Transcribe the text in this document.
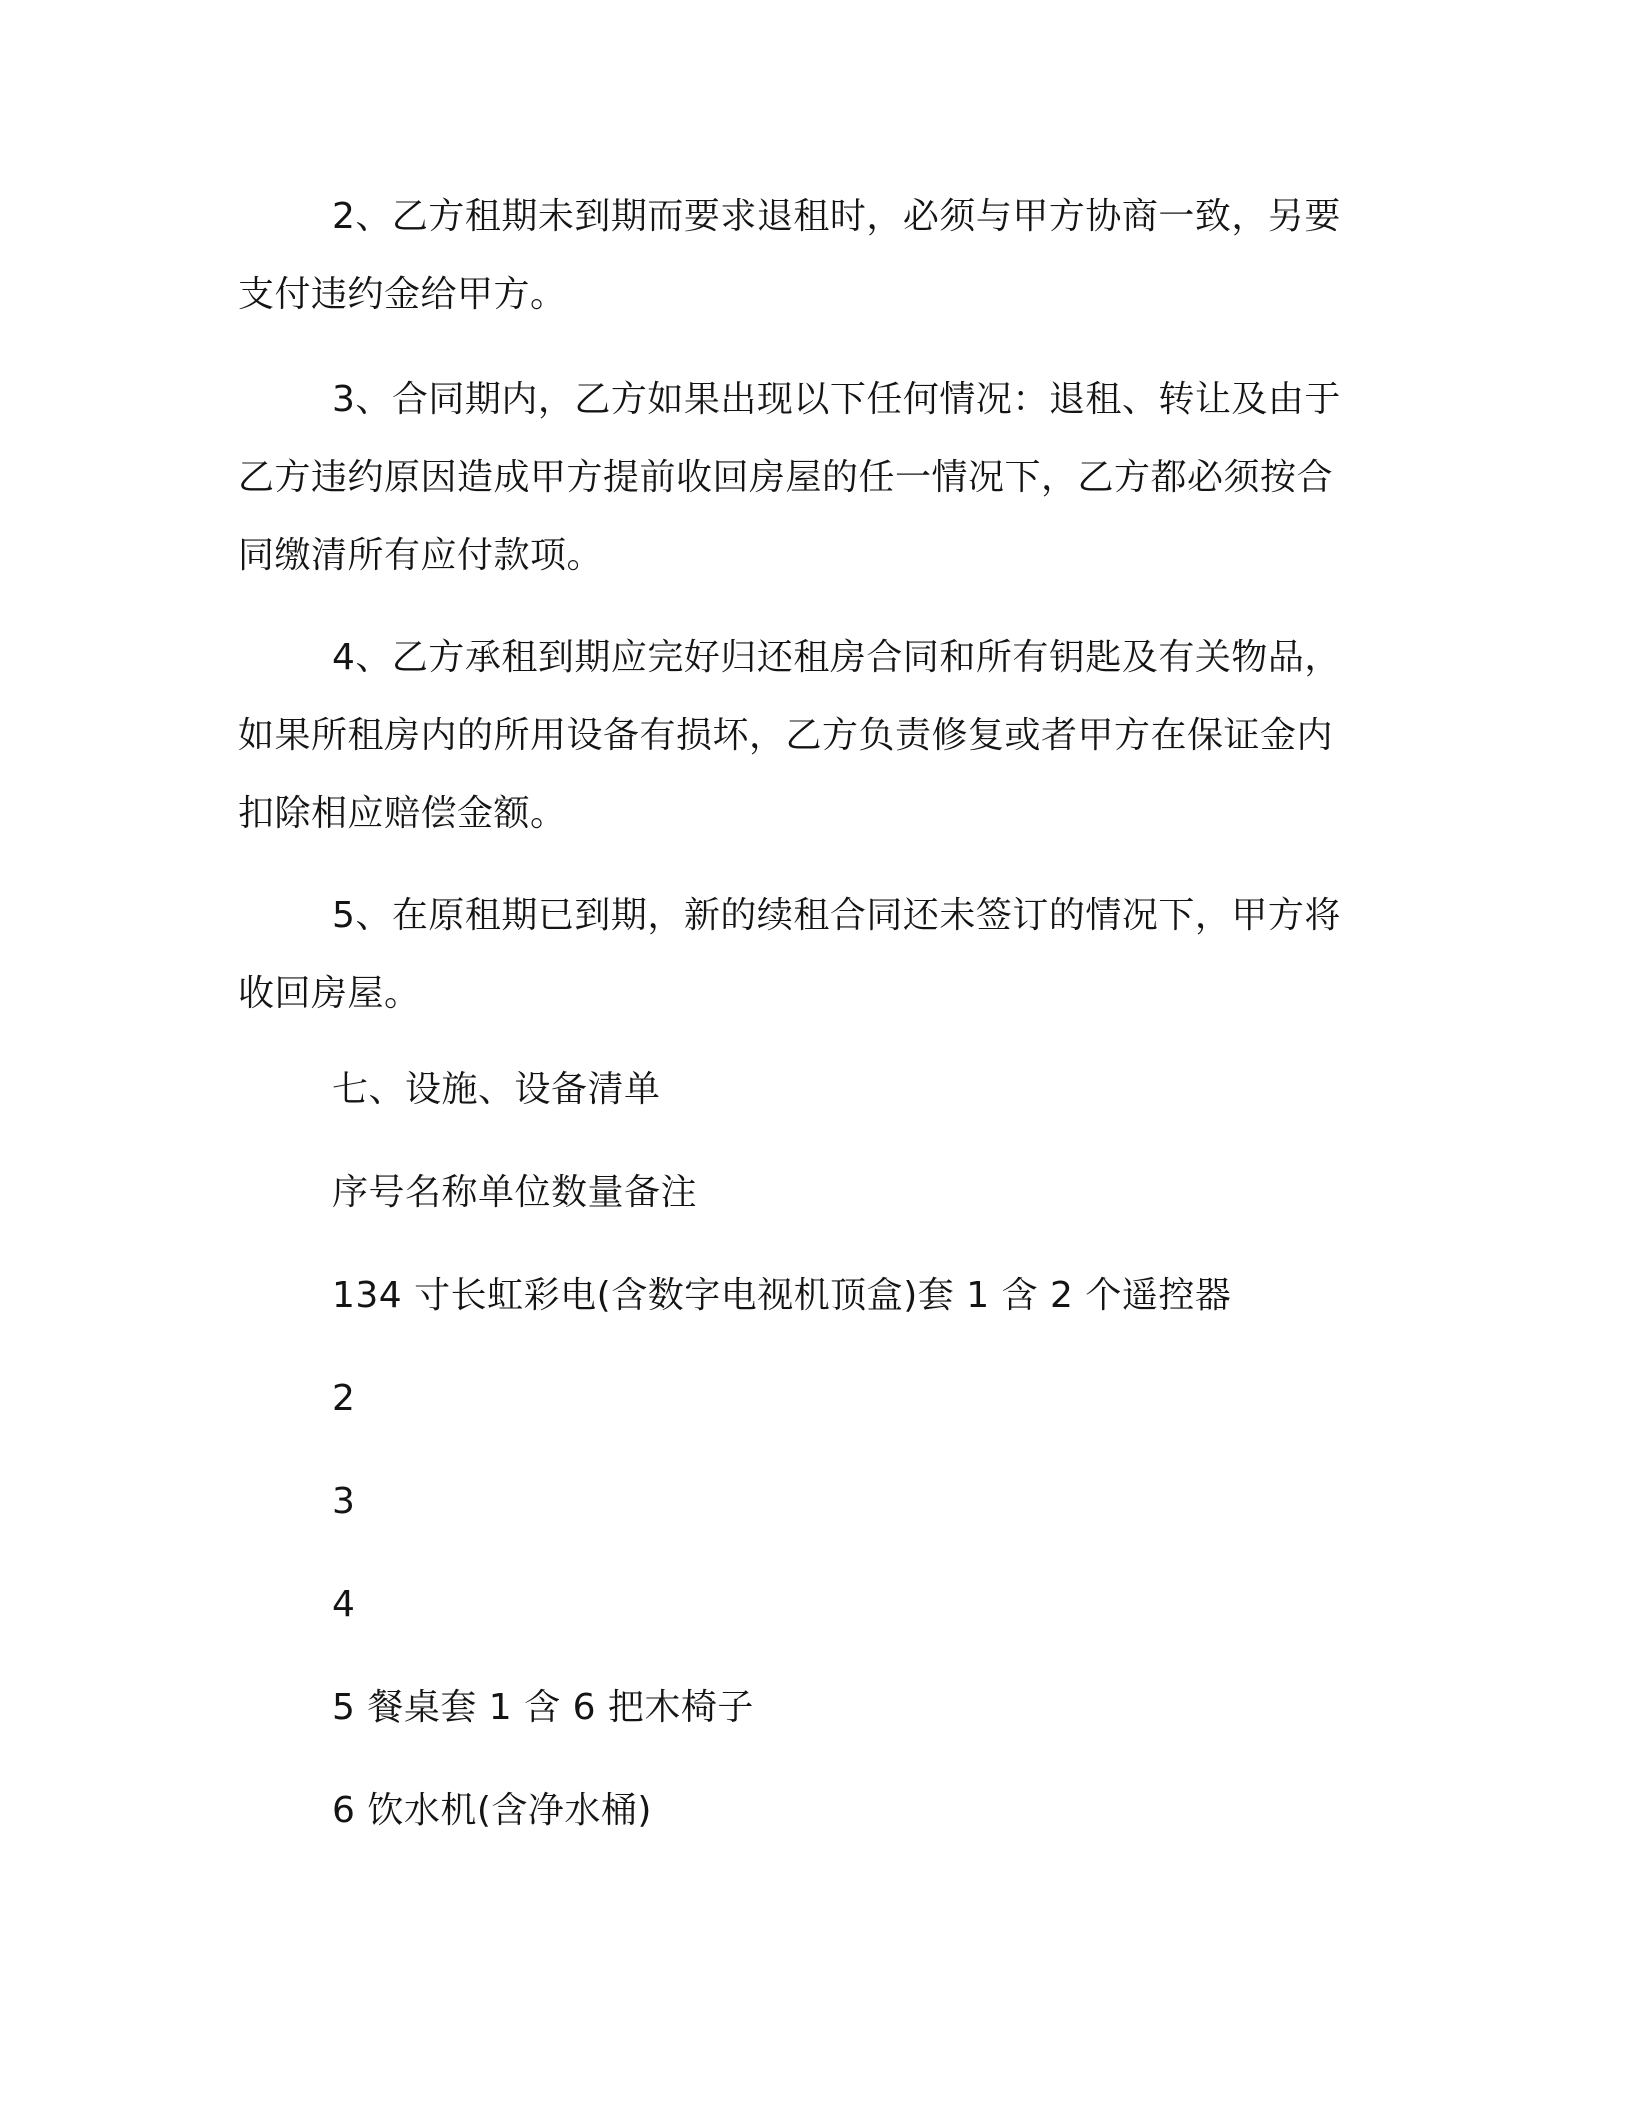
2、乙方租期未到期而要求退租时，必须与甲方协商一致，另要
支付违约金给甲方。
3、合同期内，乙方如果出现以下任何情况：退租、转让及由于
乙方违约原因造成甲方提前收回房屋的任一情况下，乙方都必须按合
同缴清所有应付款项。
4、乙方承租到期应完好归还租房合同和所有钥匙及有关物品，
如果所租房内的所用设备有损坏，乙方负责修复或者甲方在保证金内
扣除相应赔偿金额。
5、在原租期已到期，新的续租合同还未签订的情况下，甲方将
收回房屋。

七、设施、设备清单

序号名称单位数量备注

134 寸长虹彩电(含数字电视机顶盒)套 1 含 2 个遥控器

2

3

4

5 餐桌套 1 含 6 把木椅子

6 饮水机(含净水桶)
